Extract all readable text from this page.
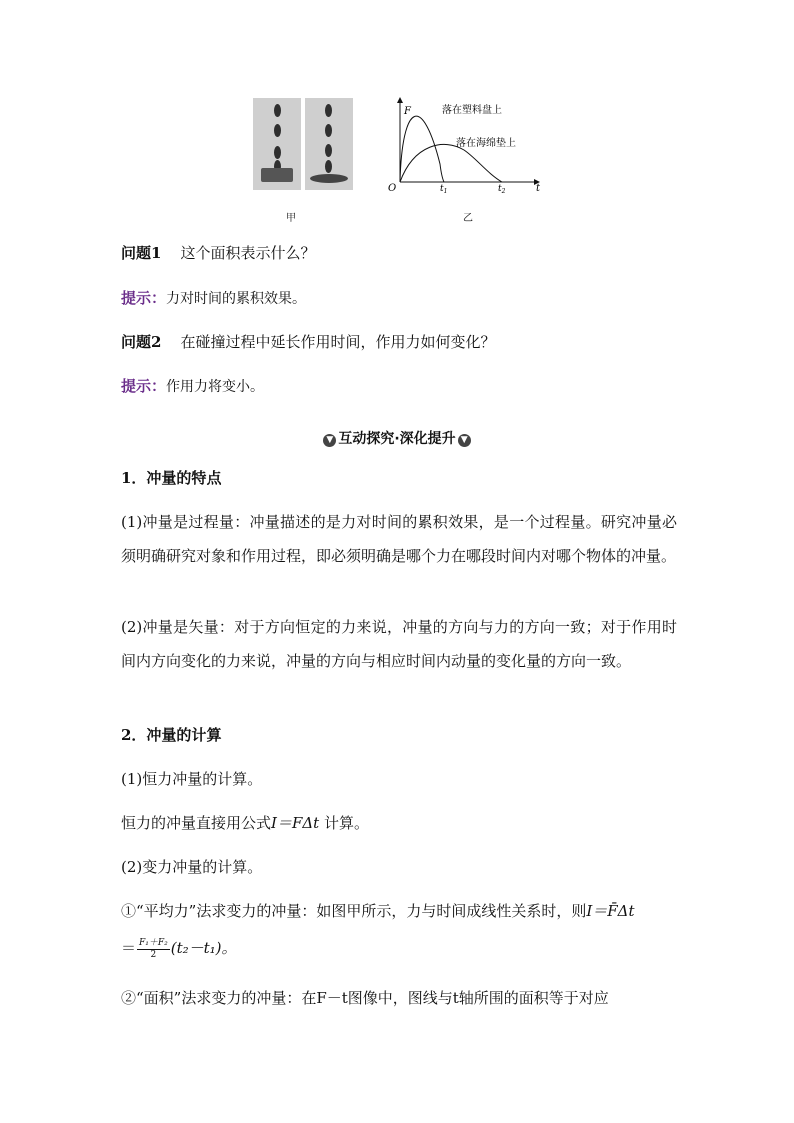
甲	乙
O
F
t
$t_1$	$t_2$
落在塑料盘上
落在海绵垫上
问题1 这个面积表示什么？
提示：力对时间的累积效果。
问题2 在碰撞过程中延长作用时间，作用力如何变化？
提示：作用力将变小。
▼ 互动探究·深化提升 ▼
1．冲量的特点
(1)冲量是过程量：冲量描述的是力对时间的累积效果，是一个过程量。研究冲量必须明确研究对象和作用过程，即必须明确是哪个力在哪段时间内对哪个物体的冲量。
(2)冲量是矢量：对于方向恒定的力来说，冲量的方向与力的方向一致；对于作用时间内方向变化的力来说，冲量的方向与相应时间内动量的变化量的方向一致。
2．冲量的计算
(1)恒力冲量的计算。
恒力的冲量直接用公式I＝FΔt 计算。
(2)变力冲量的计算。
①“平均力”法求变力的冲量：如图甲所示，力与时间成线性关系时，则I＝F̄Δt
＝ $\frac{\text{F₁＋F₂}}{2} (t_2-t_1)$。
②“面积”法求变力的冲量：在F－t图像中，图线与t轴所围的面积等于对应
